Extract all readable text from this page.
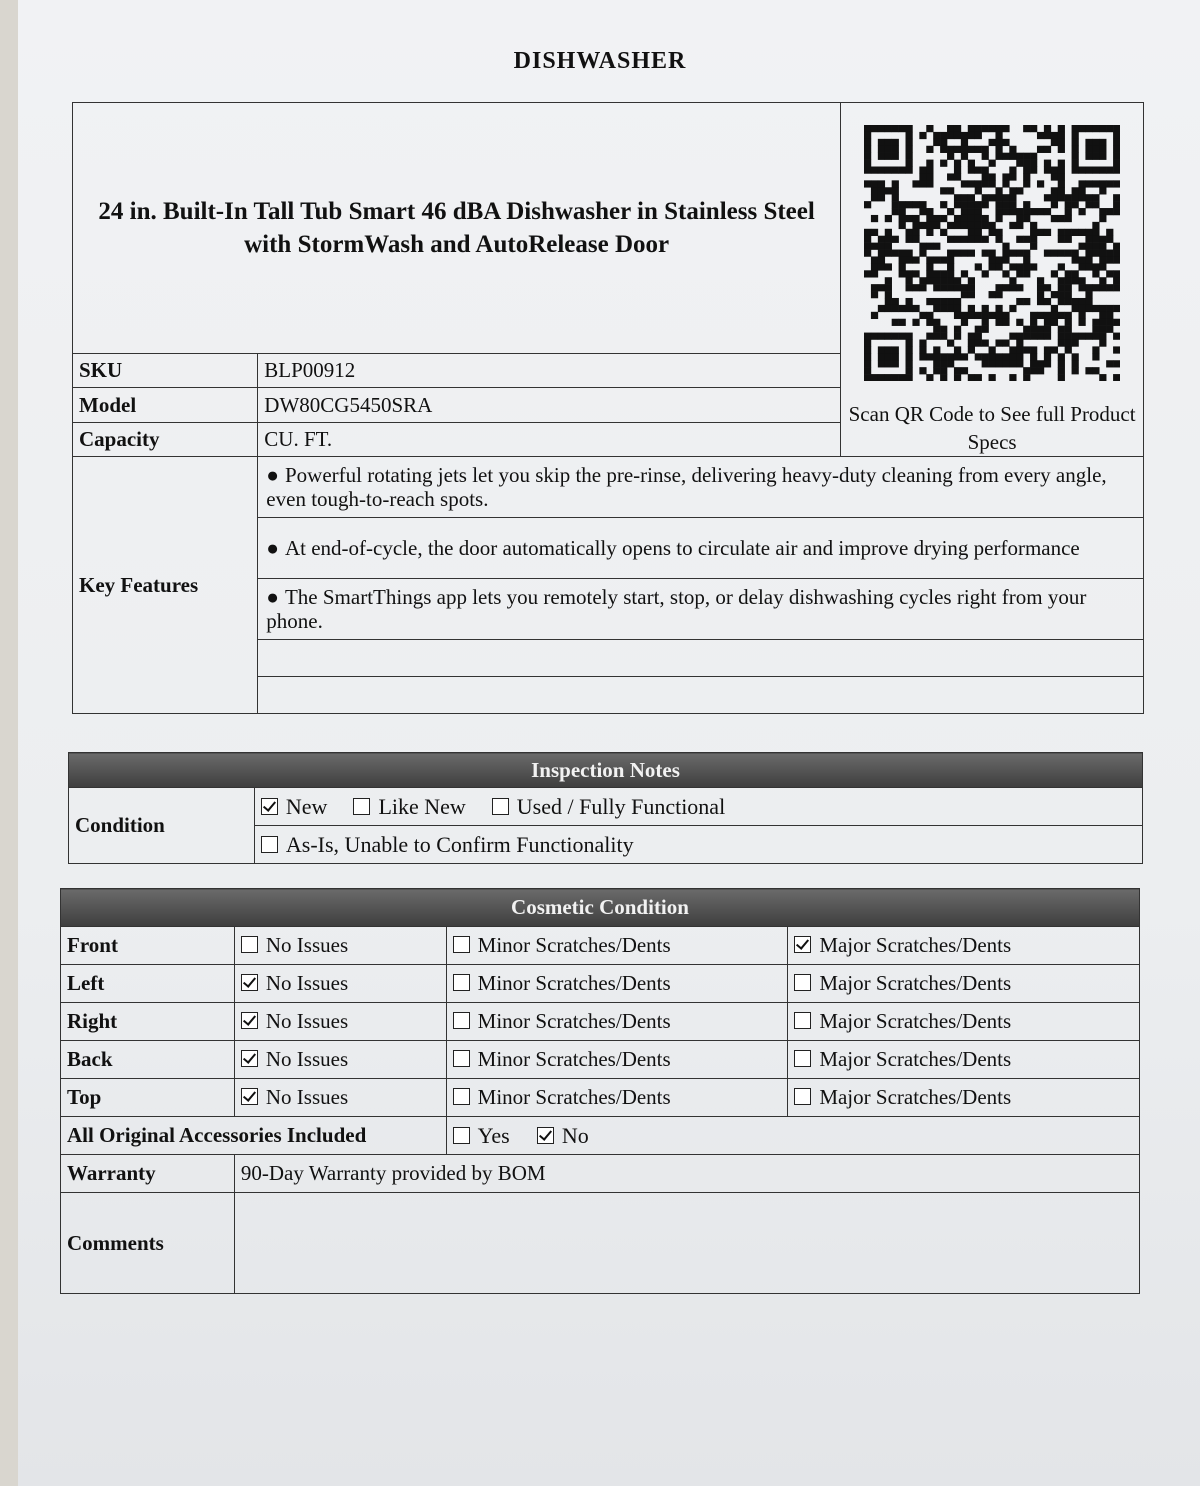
DISHWASHER
24 in. Built-In Tall Tub Smart 46 dBA Dishwasher in Stainless Steel with StormWash and AutoRelease Door		Scan QR Code to See full Product Specs

SKU	BLP00912	
Model	DW80CG5450SRA	
Capacity	CU. FT.	
Key Features	● Powerful rotating jets let you skip the pre-rinse, delivering heavy-duty cleaning from every angle, even tough-to-reach spots.	
	● At end-of-cycle, the door automatically opens to circulate air and improve drying performance	
	● The SmartThings app lets you remotely start, stop, or delay dishwashing cycles right from your phone.	

Inspection Notes
Condition	New Like New Used / Fully Functional
As-Is, Unable to Confirm Functionality
Cosmetic Condition			
Front	No Issues	Minor Scratches/Dents	Major Scratches/Dents
Left	No Issues	Minor Scratches/Dents	Major Scratches/Dents
Right	No Issues	Minor Scratches/Dents	Major Scratches/Dents
Back	No Issues	Minor Scratches/Dents	Major Scratches/Dents
Top	No Issues	Minor Scratches/Dents	Major Scratches/Dents
All Original Accessories Included		Yes No	
Warranty	90-Day Warranty provided by BOM		
Comments			
